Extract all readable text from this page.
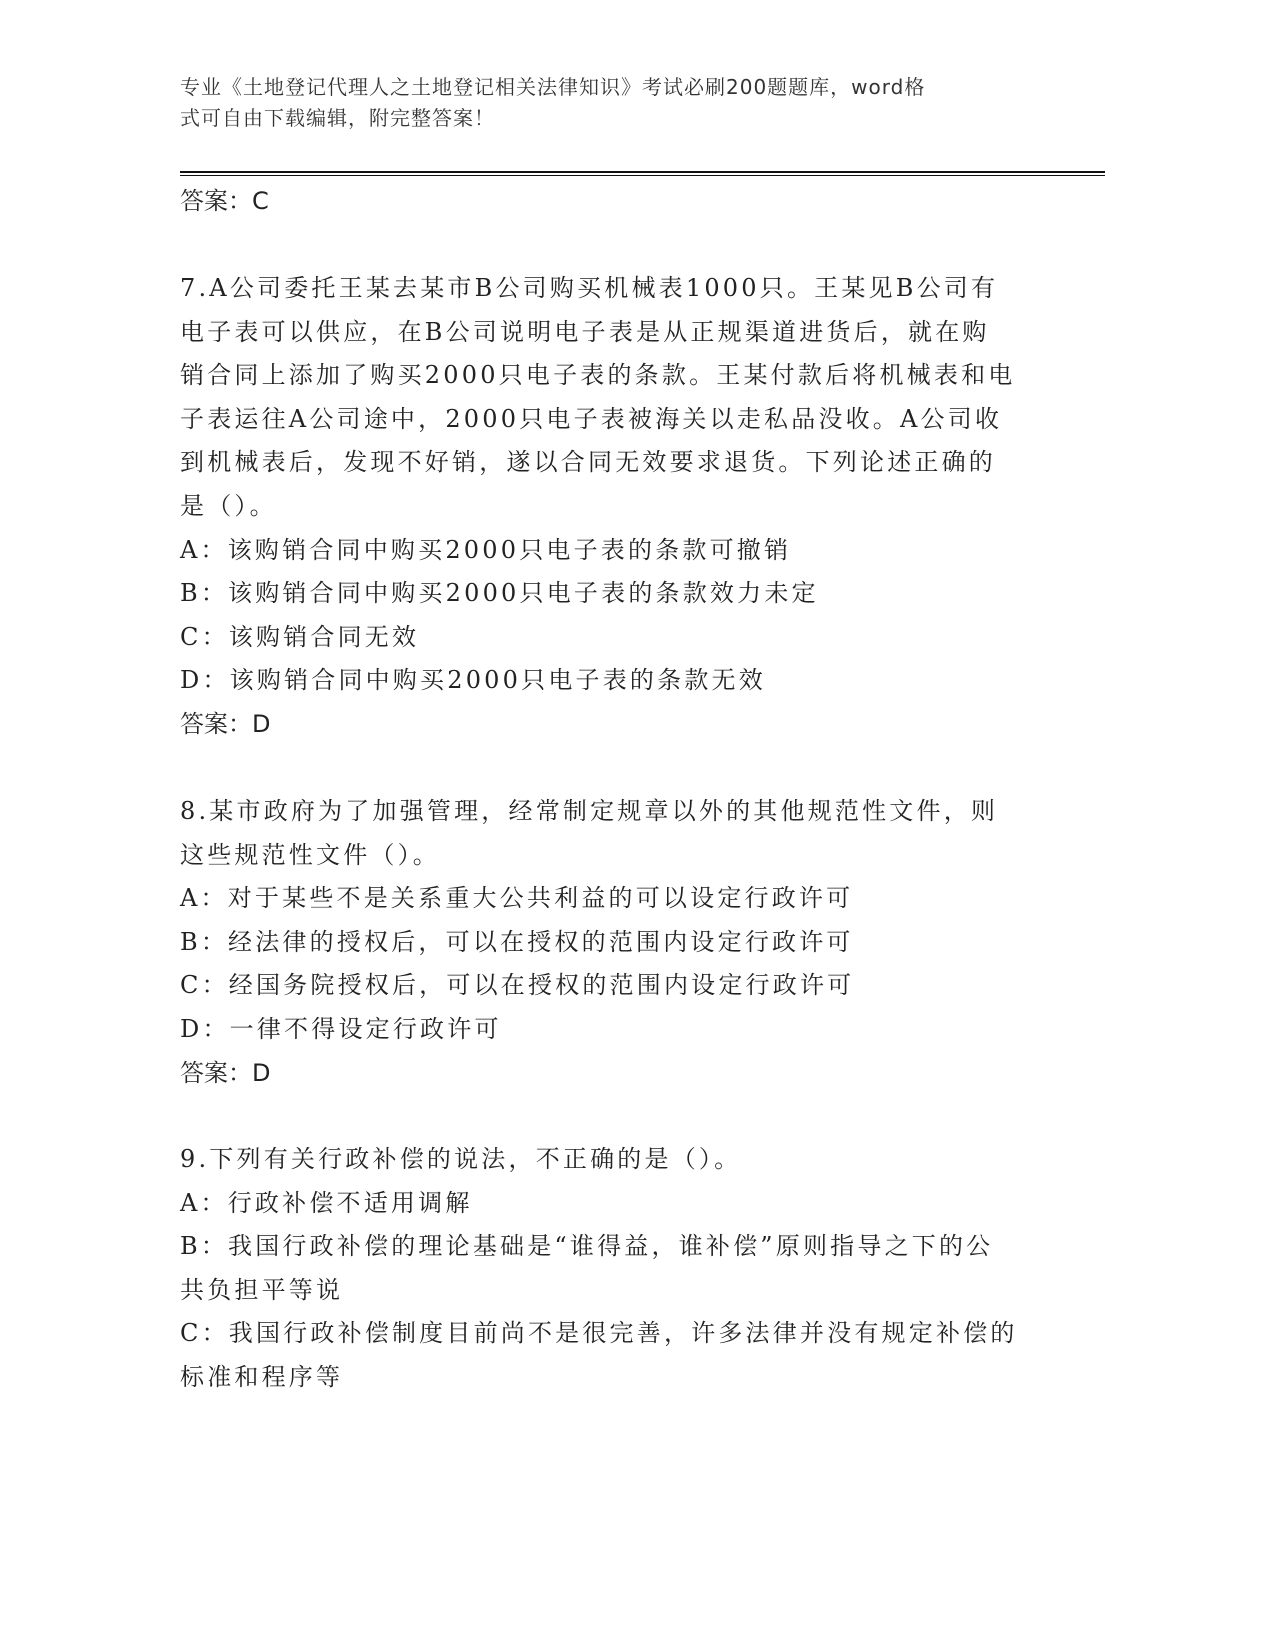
专业《土地登记代理人之土地登记相关法律知识》考试必刷200题题库，word格
式可自由下载编辑，附完整答案！
答案：C
7.A公司委托王某去某市B公司购买机械表1000只。王某见B公司有
电子表可以供应，在B公司说明电子表是从正规渠道进货后，就在购
销合同上添加了购买2000只电子表的条款。王某付款后将机械表和电
子表运往A公司途中，2000只电子表被海关以走私品没收。A公司收
到机械表后，发现不好销，遂以合同无效要求退货。下列论述正确的
是（）。
A：该购销合同中购买2000只电子表的条款可撤销
B：该购销合同中购买2000只电子表的条款效力未定
C：该购销合同无效
D：该购销合同中购买2000只电子表的条款无效
答案：D
8.某市政府为了加强管理，经常制定规章以外的其他规范性文件，则
这些规范性文件（）。
A：对于某些不是关系重大公共利益的可以设定行政许可
B：经法律的授权后，可以在授权的范围内设定行政许可
C：经国务院授权后，可以在授权的范围内设定行政许可
D：一律不得设定行政许可
答案：D
9.下列有关行政补偿的说法，不正确的是（）。
A：行政补偿不适用调解
B：我国行政补偿的理论基础是“谁得益，谁补偿”原则指导之下的公
共负担平等说
C：我国行政补偿制度目前尚不是很完善，许多法律并没有规定补偿的
标准和程序等
